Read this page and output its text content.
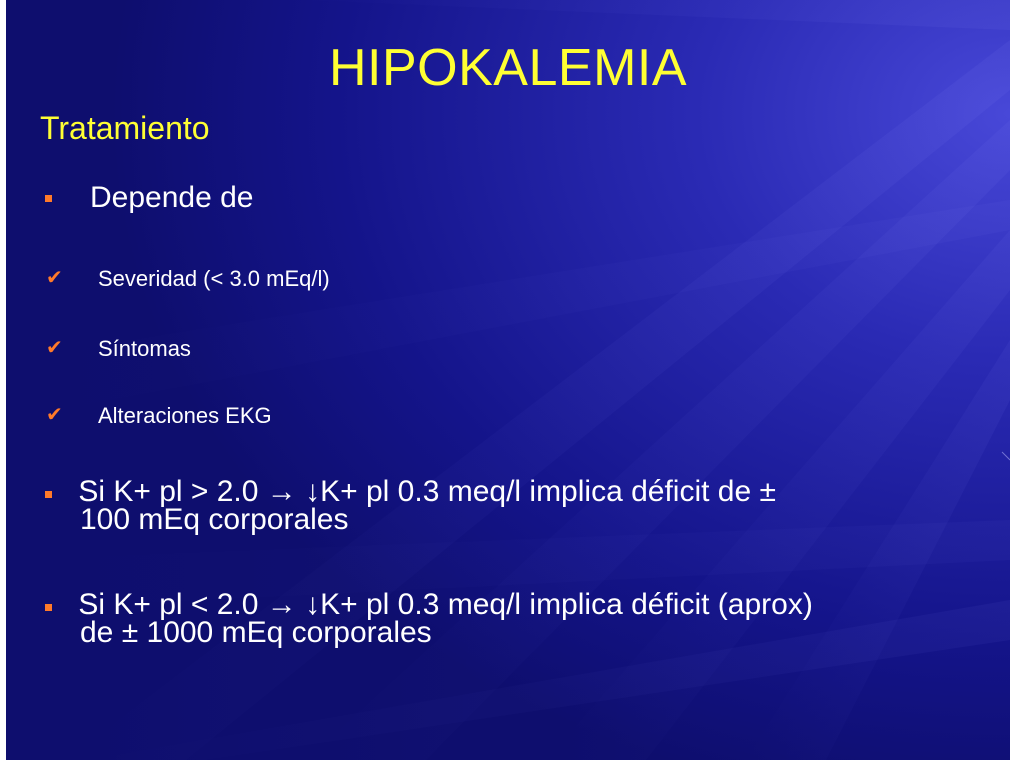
HIPOKALEMIA
Tratamiento
Depende de
✔ Severidad (< 3.0 mEq/l)
✔ Síntomas
✔ Alteraciones EKG
Si K+ pl > 2.0 → ↓K+ pl 0.3 meq/l implica déficit de ±
100 mEq corporales
Si K+ pl < 2.0 → ↓K+ pl 0.3 meq/l implica déficit (aprox)
de ± 1000 mEq corporales
